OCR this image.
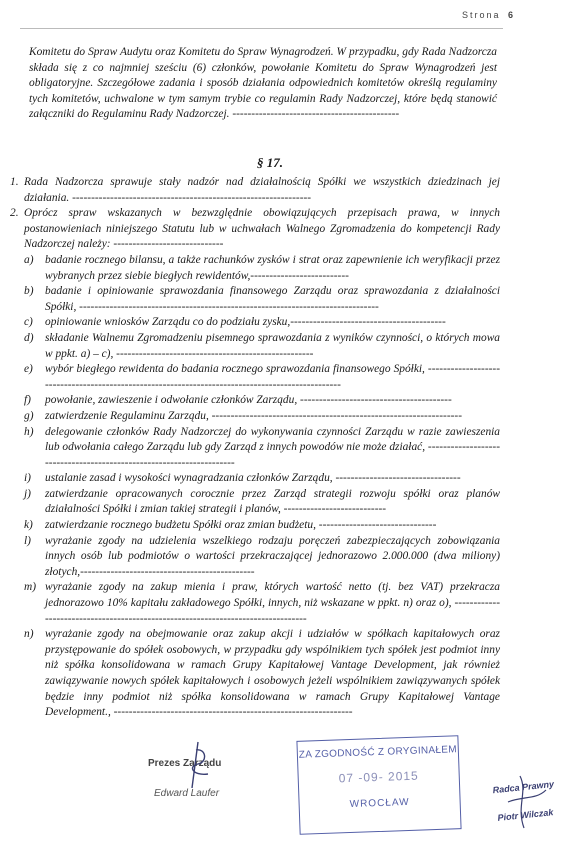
Strona 6
Komitetu do Spraw Audytu oraz Komitetu do Spraw Wynagrodzeń. W przypadku, gdy Rada Nadzorcza składa się z co najmniej sześciu (6) członków, powołanie Komitetu do Spraw Wynagrodzeń jest obligatoryjne. Szczegółowe zadania i sposób działania odpowiednich komitetów określą regulaminy tych komitetów, uchwalone w tym samym trybie co regulamin Rady Nadzorczej, które będą stanowić załączniki do Regulaminu Rady Nadzorczej. --------------------------------------------
§ 17.
1. Rada Nadzorcza sprawuje stały nadzór nad działalnością Spółki we wszystkich dziedzinach jej działania. ---------------------------------------------------------------
2. Oprócz spraw wskazanych w bezwzględnie obowiązujących przepisach prawa, w innych postanowieniach niniejszego Statutu lub w uchwałach Walnego Zgromadzenia do kompetencji Rady Nadzorczej należy: -----------------------------
a) badanie rocznego bilansu, a także rachunków zysków i strat oraz zapewnienie ich weryfikacji przez wybranych przez siebie biegłych rewidentów,--------------------------
b) badanie i opiniowanie sprawozdania finansowego Zarządu oraz sprawozdania z działalności Spółki, -------------------------------------------------------------------------------
c) opiniowanie wniosków Zarządu co do podziału zysku,-----------------------------------------
d) składanie Walnemu Zgromadzeniu pisemnego sprawozdania z wyników czynności, o których mowa w ppkt. a) – c), ----------------------------------------------------
e) wybór biegłego rewidenta do badania rocznego sprawozdania finansowego Spółki, -------------------------------------------------------------------------------------------------
f) powołanie, zawieszenie i odwołanie członków Zarządu, ----------------------------------------
g) zatwierdzenie Regulaminu Zarządu, ------------------------------------------------------------------
h) delegowanie członków Rady Nadzorczej do wykonywania czynności Zarządu w razie zawieszenia lub odwołania całego Zarządu lub gdy Zarząd z innych powodów nie może działać, ---------------------------------------------------------------------
i) ustalanie zasad i wysokości wynagradzania członków Zarządu, ---------------------------------
j) zatwierdzanie opracowanych corocznie przez Zarząd strategii rozwoju spółki oraz planów działalności Spółki i zmian takiej strategii i planów, ---------------------------
k) zatwierdzanie rocznego budżetu Spółki oraz zmian budżetu, -------------------------------
l) wyrażanie zgody na udzielenia wszelkiego rodzaju poręczeń zabezpieczających zobowiązania innych osób lub podmiotów o wartości przekraczającej jednorazowo 2.000.000 (dwa miliony) złotych,----------------------------------------------
m) wyrażanie zgody na zakup mienia i praw, których wartość netto (tj. bez VAT) przekracza jednorazowo 10% kapitału zakładowego Spółki, innych, niż wskazane w ppkt. n) oraz o), ---------------------------------------------------------------------------------
n) wyrażanie zgody na obejmowanie oraz zakup akcji i udziałów w spółkach kapitałowych oraz przystępowanie do spółek osobowych, w przypadku gdy wspólnikiem tych spółek jest podmiot inny niż spółka konsolidowana w ramach Grupy Kapitałowej Vantage Development, jak również zawiązywanie nowych spółek kapitałowych i osobowych jeżeli wspólnikiem zawiązywanych spółek będzie inny podmiot niż spółka konsolidowana w ramach Grupy Kapitałowej Vantage Development., ---------------------------------------------------------------
Prezes Zarządu
Edward Laufer
ZA ZGODNOŚĆ Z ORYGINAŁEM
07 -09- 2015
WROCŁAW
Radca Prawny
Piotr Wilczak
